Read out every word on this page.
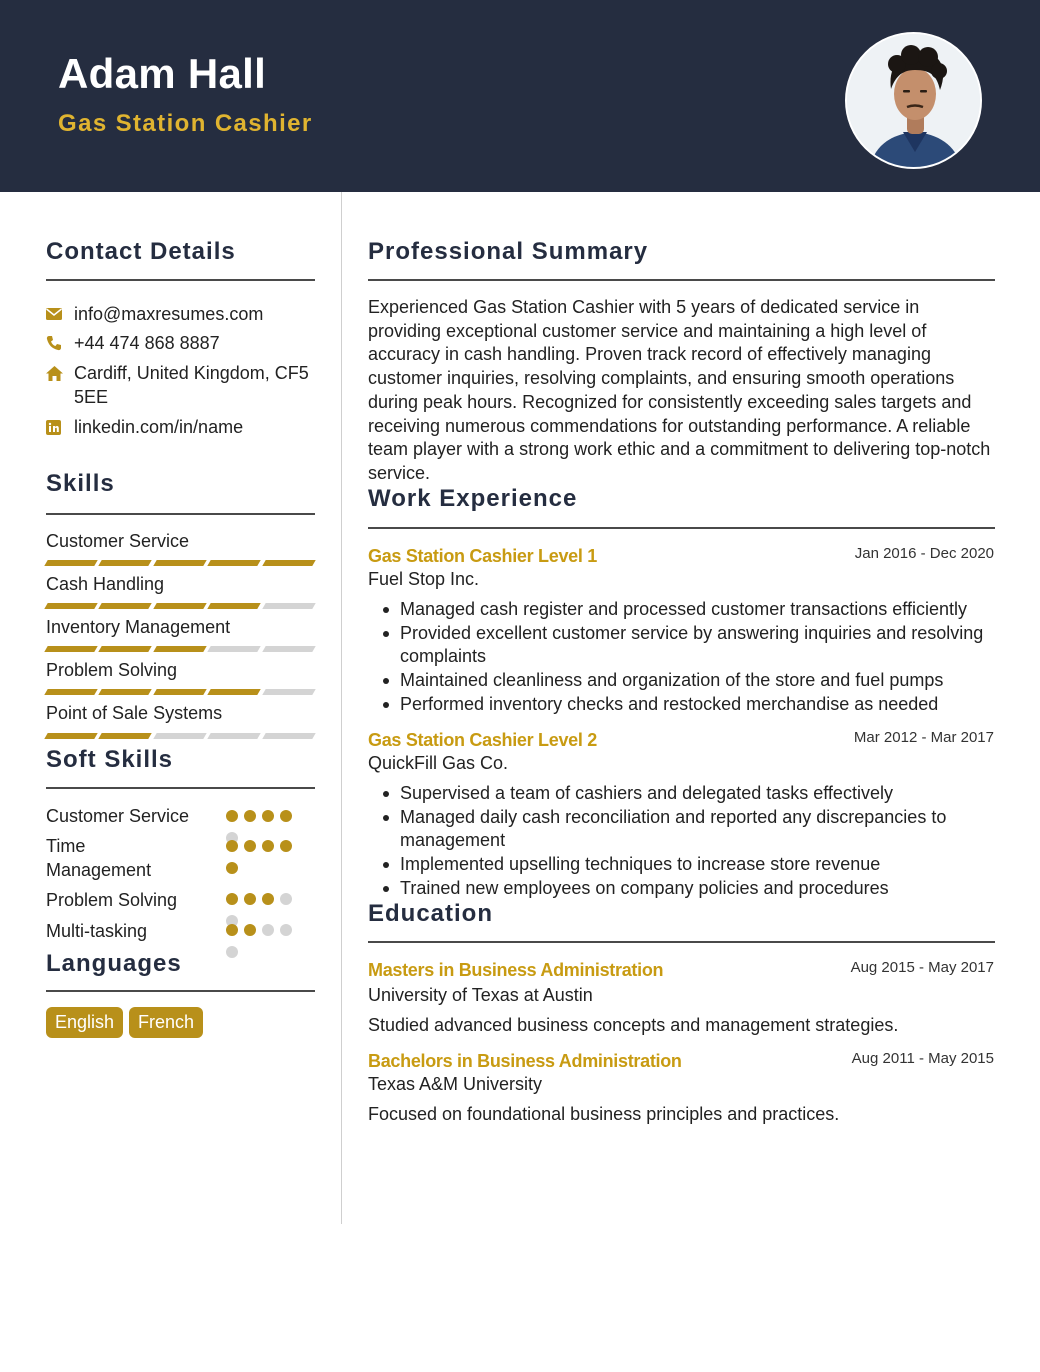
Adam Hall
Gas Station Cashier
Contact Details
info@maxresumes.com
+44 474 868 8887
Cardiff, United Kingdom, CF5 5EE
linkedin.com/in/name
Skills
Customer Service
Cash Handling
Inventory Management
Problem Solving
Point of Sale Systems
Soft Skills
Customer Service
Time Management
Problem Solving
Multi-tasking
Languages
English	French
Professional Summary
Experienced Gas Station Cashier with 5 years of dedicated service in providing exceptional customer service and maintaining a high level of accuracy in cash handling. Proven track record of effectively managing customer inquiries, resolving complaints, and ensuring smooth operations during peak hours. Recognized for consistently exceeding sales targets and receiving numerous commendations for outstanding performance. A reliable team player with a strong work ethic and a commitment to delivering top-notch service.
Work Experience
Gas Station Cashier Level 1	Jan 2016 - Dec 2020
Fuel Stop Inc.
Managed cash register and processed customer transactions efficiently
Provided excellent customer service by answering inquiries and resolving complaints
Maintained cleanliness and organization of the store and fuel pumps
Performed inventory checks and restocked merchandise as needed
Gas Station Cashier Level 2	Mar 2012 - Mar 2017
QuickFill Gas Co.
Supervised a team of cashiers and delegated tasks effectively
Managed daily cash reconciliation and reported any discrepancies to management
Implemented upselling techniques to increase store revenue
Trained new employees on company policies and procedures
Education
Masters in Business Administration	Aug 2015 - May 2017
University of Texas at Austin
Studied advanced business concepts and management strategies.
Bachelors in Business Administration	Aug 2011 - May 2015
Texas A&M University
Focused on foundational business principles and practices.
